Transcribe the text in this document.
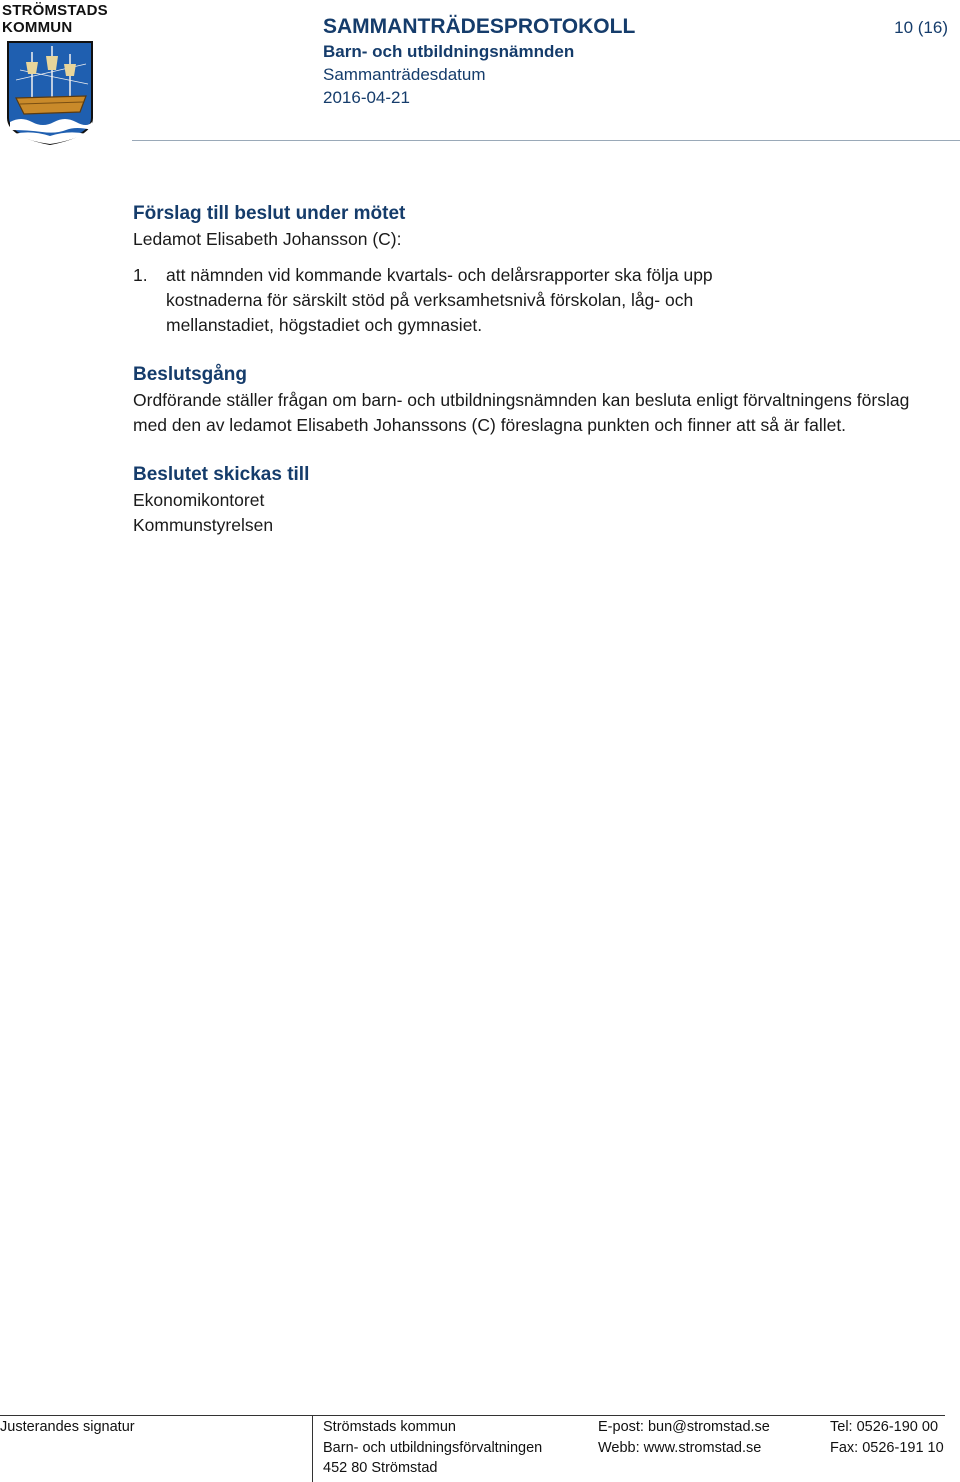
STRÖMSTADS
KOMMUN	SAMMANTRÄDESPROTOKOLL
Barn- och utbildningsnämnden
Sammanträdesdatum
2016-04-21
10 (16)
Förslag till beslut under mötet
Ledamot Elisabeth Johansson (C):
1.	att nämnden vid kommande kvartals- och delårsrapporter ska följa upp kostnaderna för särskilt stöd på verksamhetsnivå förskolan, låg- och mellanstadiet, högstadiet och gymnasiet.
Beslutsgång
Ordförande ställer frågan om barn- och utbildningsnämnden kan besluta enligt förvaltningens förslag med den av ledamot Elisabeth Johanssons (C) föreslagna punkten och finner att så är fallet.
Beslutet skickas till
Ekonomikontoret
Kommunstyrelsen
Justerandes signatur	Strömstads kommun
Barn- och utbildningsförvaltningen
452 80 Strömstad
E-post: bun@stromstad.se
Webb: www.stromstad.se
Tel: 0526-190 00
Fax: 0526-191 10
